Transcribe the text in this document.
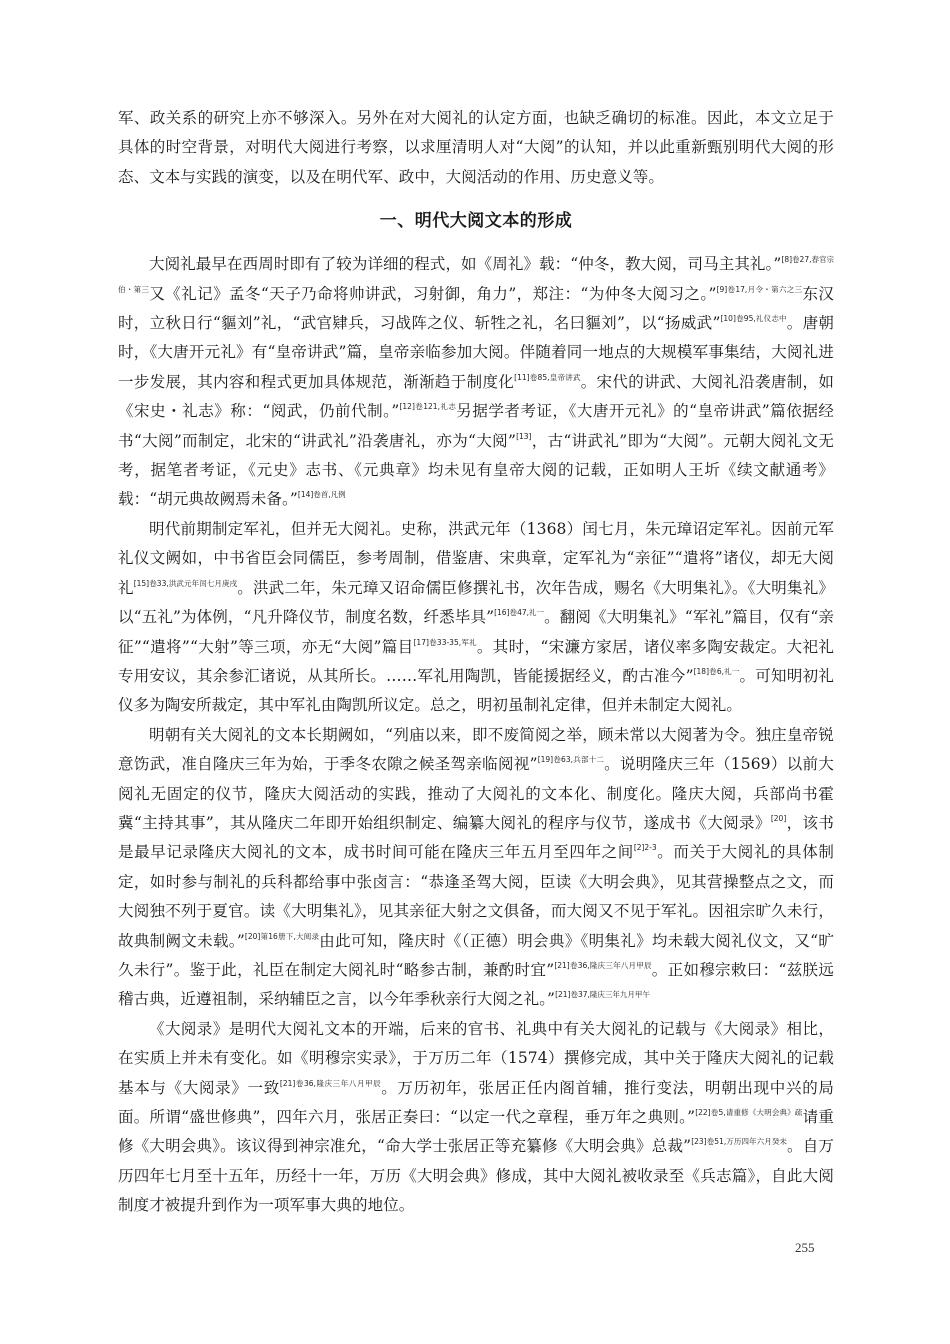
军、政关系的研究上亦不够深入。另外在对大阅礼的认定方面，也缺乏确切的标准。因此，本文立足于具体的时空背景，对明代大阅进行考察，以求厘清明人对“大阅”的认知，并以此重新甄别明代大阅的形态、文本与实践的演变，以及在明代军、政中，大阅活动的作用、历史意义等。

一、明代大阅文本的形成

大阅礼最早在西周时即有了较为详细的程式，如《周礼》载：“仲冬，教大阅，司马主其礼。”$^{[8]卷27,春官宗伯・第三}$又《礼记》孟冬“天子乃命将帅讲武，习射御，角力”，郑注：“为仲冬大阅习之。”$^{[9]卷17,月令・第六之三}$东汉时，立秋日行“貙刘”礼，“武官肄兵，习战阵之仪、斩牲之礼，名曰貙刘”，以“扬威武”$^{[10]卷95,礼仪志中}$。唐朝时，《大唐开元礼》有“皇帝讲武”篇，皇帝亲临参加大阅。伴随着同一地点的大规模军事集结，大阅礼进一步发展，其内容和程式更加具体规范，渐渐趋于制度化$^{[11]卷85,皇帝讲武}$。宋代的讲武、大阅礼沿袭唐制，如《宋史・礼志》称：“阅武，仍前代制。”$^{[12]卷121,礼志}$另据学者考证，《大唐开元礼》的“皇帝讲武”篇依据经书“大阅”而制定，北宋的“讲武礼”沿袭唐礼，亦为“大阅”[13]，古“讲武礼”即为“大阅”。元朝大阅礼文无考，据笔者考证，《元史》志书、《元典章》均未见有皇帝大阅的记载，正如明人王圻《续文献通考》载：“胡元典故阙焉未备。”$^{[14]卷首,凡例}$

明代前期制定军礼，但并无大阅礼。史称，洪武元年（1368）闰七月，朱元璋诏定军礼。因前元军礼仪文阙如，中书省臣会同儒臣，参考周制，借鉴唐、宋典章，定军礼为“亲征”“遣将”诸仪，却无大阅礼$^{[15]卷33,洪武元年闰七月庚戌}$。洪武二年，朱元璋又诏命儒臣修撰礼书，次年告成，赐名《大明集礼》。《大明集礼》以“五礼”为体例，“凡升降仪节，制度名数，纤悉毕具”$^{[16]卷47,礼一}$。翻阅《大明集礼》“军礼”篇目，仅有“亲征”“遣将”“大射”等三项，亦无“大阅”篇目$^{[17]卷33-35,军礼}$。其时，“宋濂方家居，诸仪率多陶安裁定。大祀礼专用安议，其余参汇诸说，从其所长。……军礼用陶凯，皆能援据经义，酌古准今”$^{[18]卷6,礼一}$。可知明初礼仪多为陶安所裁定，其中军礼由陶凯所议定。总之，明初虽制礼定律，但并未制定大阅礼。

明朝有关大阅礼的文本长期阙如，“列庙以来，即不废简阅之举，顾未常以大阅著为令。独庄皇帝锐意饬武，准自隆庆三年为始，于季冬农隙之候圣驾亲临阅视”$^{[19]卷63,兵部十二}$。说明隆庆三年（1569）以前大阅礼无固定的仪节，隆庆大阅活动的实践，推动了大阅礼的文本化、制度化。隆庆大阅，兵部尚书霍冀“主持其事”，其从隆庆二年即开始组织制定、编纂大阅礼的程序与仪节，遂成书《大阅录》[20]，该书是最早记录隆庆大阅礼的文本，成书时间可能在隆庆三年五月至四年之间$^{[2]2-3}$。而关于大阅礼的具体制定，如时参与制礼的兵科都给事中张卤言：“恭逢圣驾大阅，臣读《大明会典》，见其营操整点之文，而大阅独不列于夏官。读《大明集礼》，见其亲征大射之文俱备，而大阅又不见于军礼。因祖宗旷久未行，故典制阙文未载。”$^{[20]第16册下,大阅录}$由此可知，隆庆时《（正德）明会典》《明集礼》均未载大阅礼仪文，又“旷久未行”。鉴于此，礼臣在制定大阅礼时“略参古制，兼酌时宜”$^{[21]卷36,隆庆三年八月甲辰}$。正如穆宗敕曰：“兹朕远稽古典，近遵祖制，采纳辅臣之言，以今年季秋亲行大阅之礼。”$^{[21]卷37,隆庆三年九月甲午}$

《大阅录》是明代大阅礼文本的开端，后来的官书、礼典中有关大阅礼的记载与《大阅录》相比，在实质上并未有变化。如《明穆宗实录》，于万历二年（1574）撰修完成，其中关于隆庆大阅礼的记载基本与《大阅录》一致$^{[21]卷36,隆庆三年八月甲辰}$。万历初年，张居正任内阁首辅，推行变法，明朝出现中兴的局面。所谓“盛世修典”，四年六月，张居正奏曰：“以定一代之章程，垂万年之典则。”$^{[22]卷5,请重修《大明会典》疏}$请重修《大明会典》。该议得到神宗准允，“命大学士张居正等充纂修《大明会典》总裁”$^{[23]卷51,万历四年六月癸未}$。自万历四年七月至十五年，历经十一年，万历《大明会典》修成，其中大阅礼被收录至《兵志篇》，自此大阅制度才被提升到作为一项军事大典的地位。

255
